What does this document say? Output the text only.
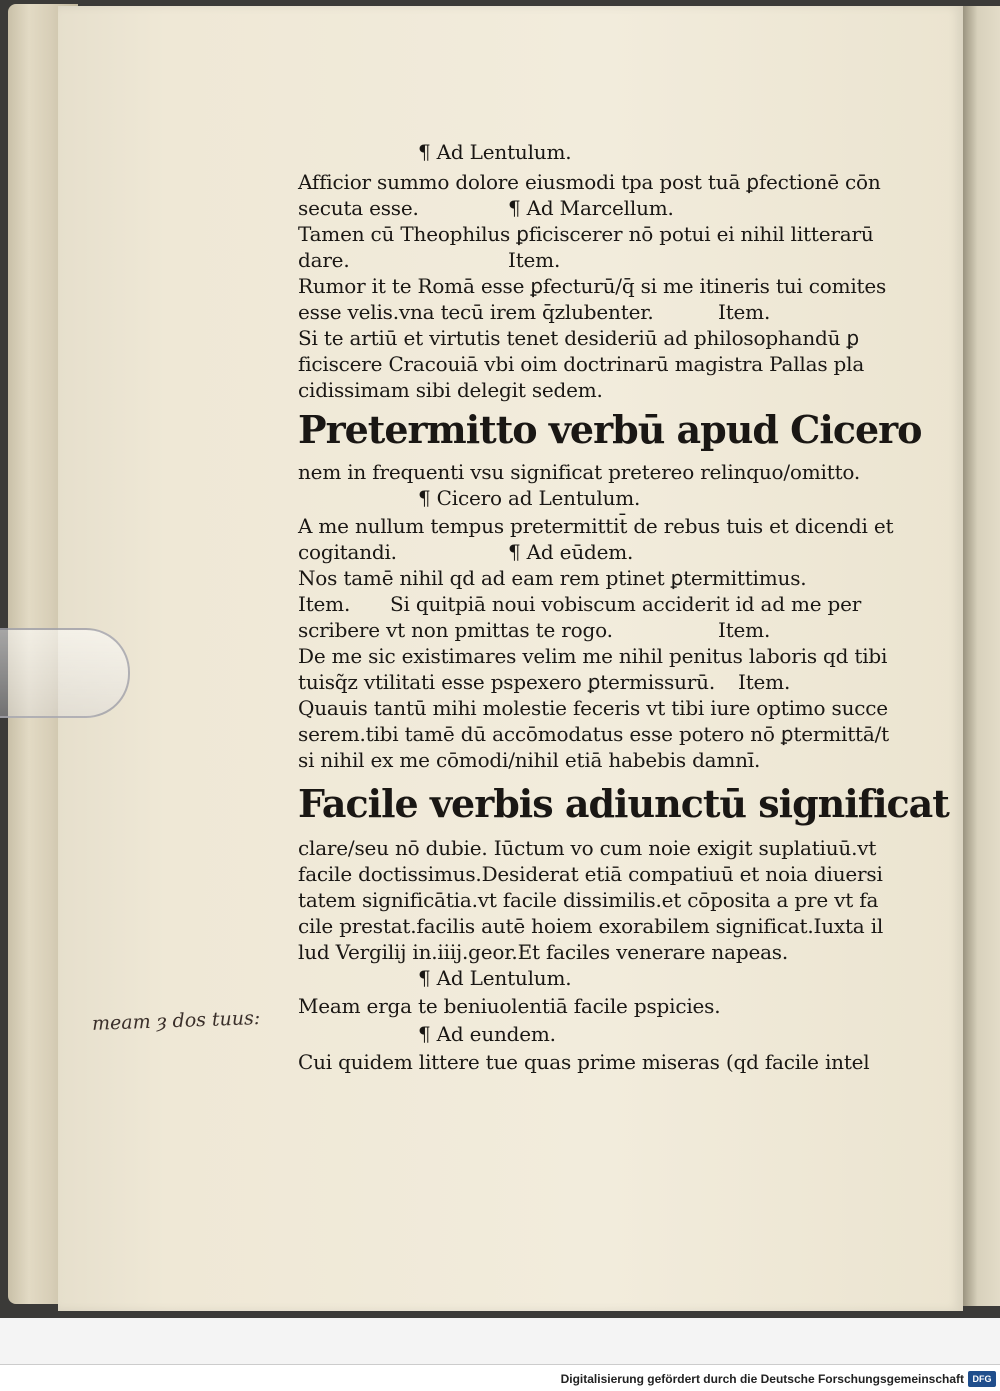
meam ȝ dos tuus:
¶ Ad Lentulum.
Afficior summo dolore eiusmodi tpa post tuā ꝑfectionē cōn
secuta esse.	¶ Ad Marcellum.
Tamen cū Theophilus ꝑficiscerer nō potui ei nihil litterarū
dare.	Item.
Rumor it te Romā esse ꝑfecturū/q̄ si me itineris tui comites
esse velis.vna tecū irem q̄zlubenter.	Item.
Si te artiū et virtutis tenet desideriū ad philosophandū ꝑ
ficiscere Cracouiā vbi oim doctrinarū magistra Pallas pla
cidissimam sibi delegit sedem.
Pretermitto verbū apud Cicero
nem in frequenti vsu significat pretereo relinquo/omitto.
¶ Cicero ad Lentulum.
A me nullum tempus pretermittit̄ de rebus tuis et dicendi et
cogitandi.	¶ Ad eūdem.
Nos tamē nihil qd ad eam rem ptinet ꝑtermittimus.
Item. Si quitpiā noui vobiscum acciderit id ad me per
scribere vt non pmittas te rogo.	Item.
De me sic existimares velim me nihil penitus laboris qd tibi
tuisq̃z vtilitati esse pspexero ꝑtermissurū. Item.
Quauis tantū mihi molestie feceris vt tibi iure optimo succe
serem.tibi tamē dū accōmodatus esse potero nō ꝑtermittā/t
si nihil ex me cōmodi/nihil etiā habebis damnī.
Facile verbis adiunctū significat
clare/seu nō dubie. Iūctum vo cum noie exigit suplatiuū.vt
facile doctissimus.Desiderat etiā compatiuū et noia diuersi
tatem significātia.vt facile dissimilis.et cōposita a pre vt fa
cile prestat.facilis autē hoiem exorabilem significat.Iuxta il
lud Vergilij in.iiij.geor.Et faciles venerare napeas.
¶ Ad Lentulum.
Meam erga te beniuolentiā facile pspicies.
¶ Ad eundem.
Cui quidem littere tue quas prime miseras (qd facile intel
Digitalisierung gefördert durch die Deutsche Forschungsgemeinschaft DFG
